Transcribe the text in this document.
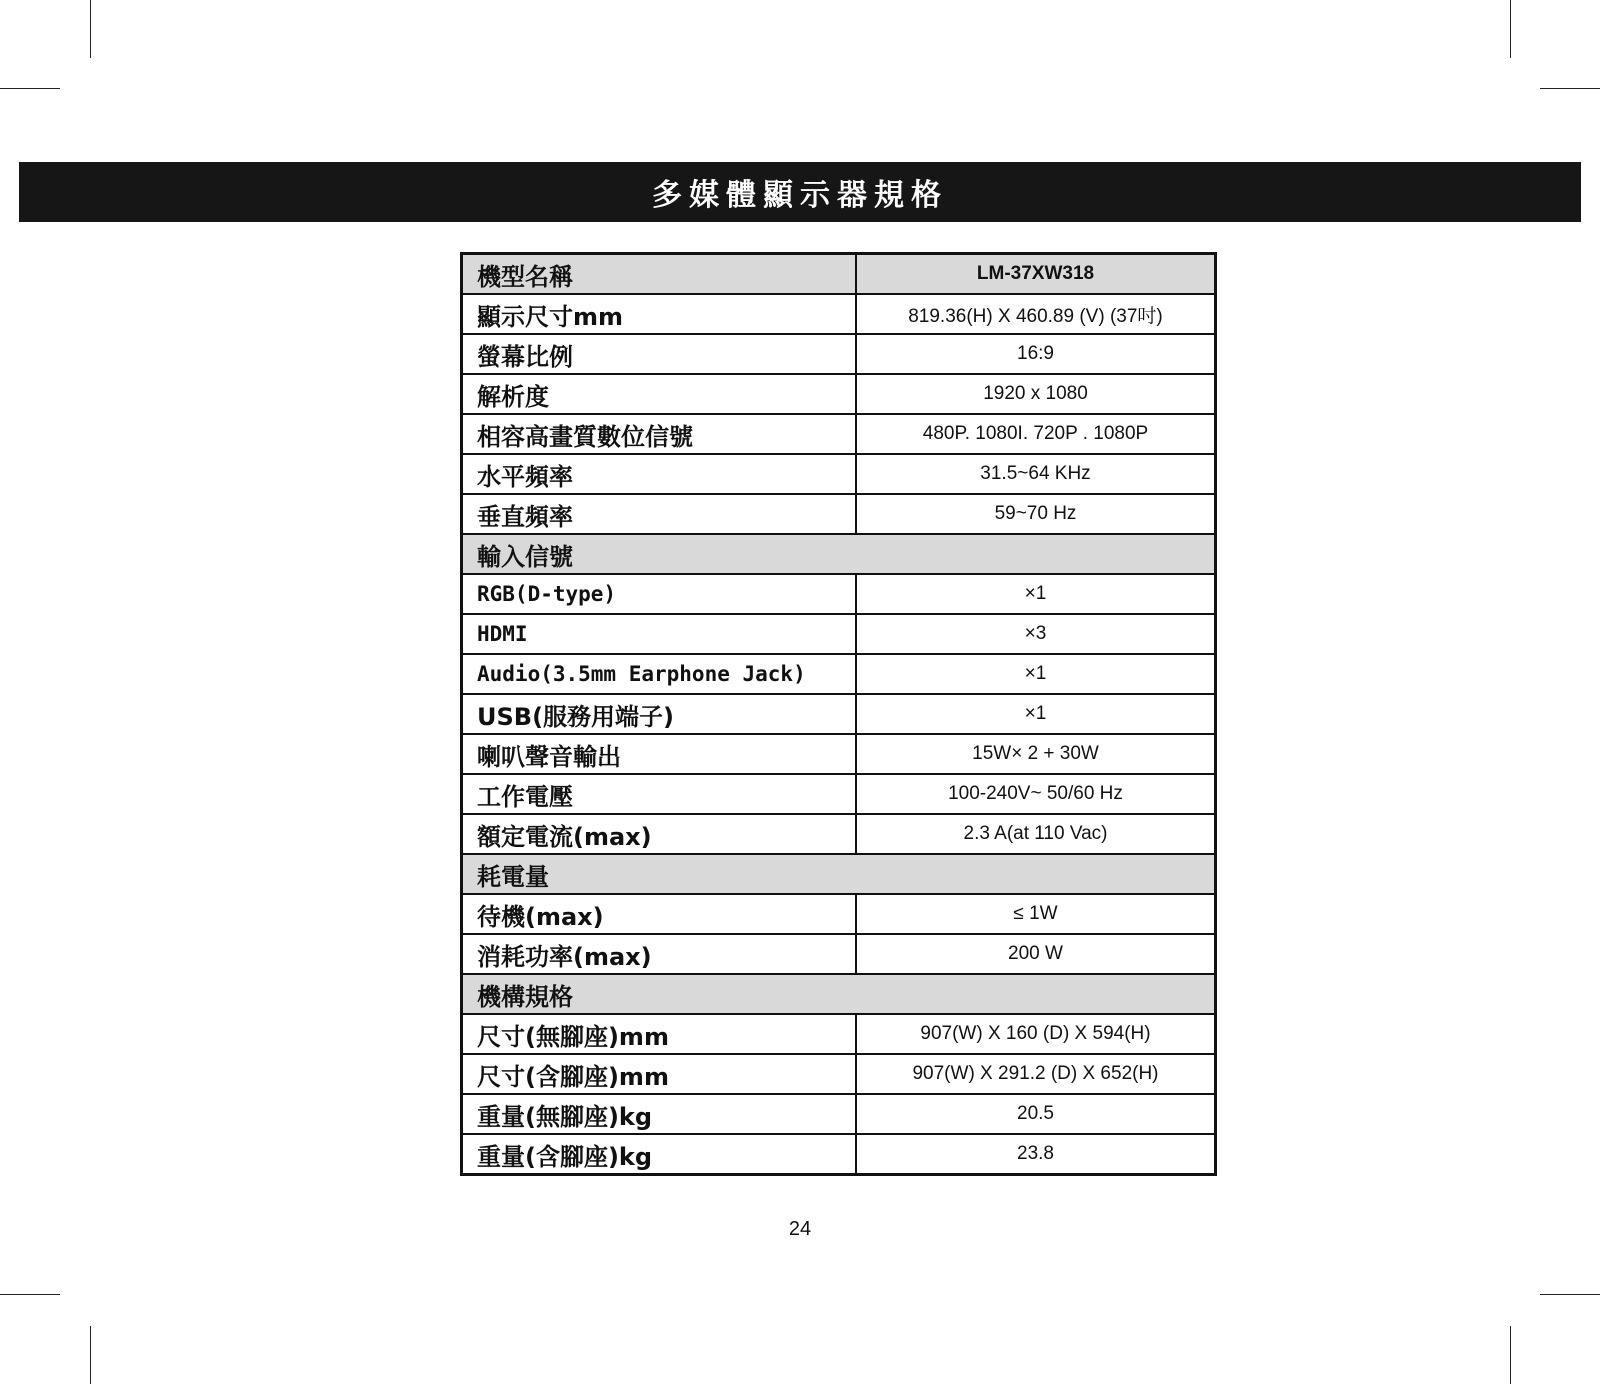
多媒體顯示器規格
機型名稱	LM-37XW318
顯示尺寸mm	819.36(H) X 460.89 (V) (37吋)
螢幕比例	16:9
解析度	1920 x 1080
相容高畫質數位信號	480P. 1080I. 720P . 1080P
水平頻率	31.5~64 KHz
垂直頻率	59~70 Hz
輸入信號	
RGB(D-type)	×1
HDMI	×3
Audio(3.5mm Earphone Jack)	×1
USB(服務用端子)	×1
喇叭聲音輸出	15W× 2 + 30W
工作電壓	100-240V~ 50/60 Hz
額定電流(max)	2.3 A(at 110 Vac)
耗電量	
待機(max)	≤ 1W
消耗功率(max)	200 W
機構規格	
尺寸(無腳座)mm	907(W) X 160 (D) X 594(H)
尺寸(含腳座)mm	907(W) X 291.2 (D) X 652(H)
重量(無腳座)kg	20.5
重量(含腳座)kg	23.8
24
